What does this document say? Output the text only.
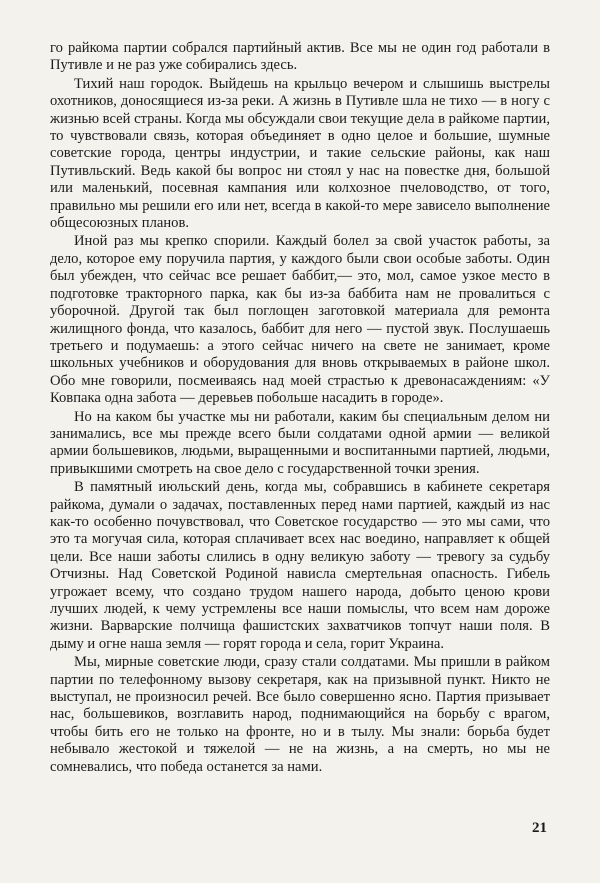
го райкома партии собрался партийный актив. Все мы не один год работали в Путивле и не раз уже собирались здесь.

Тихий наш городок. Выйдешь на крыльцо вечером и слышишь выстрелы охотников, доносящиеся из-за реки. А жизнь в Путивле шла не тихо — в ногу с жизнью всей страны. Когда мы обсуждали свои текущие дела в райкоме партии, то чувствовали связь, которая объединяет в одно целое и большие, шумные советские города, центры индустрии, и такие сельские районы, как наш Путивльский. Ведь какой бы вопрос ни стоял у нас на повестке дня, большой или маленький, посевная кампания или колхозное пчеловодство, от того, правильно мы решили его или нет, всегда в какой-то мере зависело выполнение общесоюзных планов.

Иной раз мы крепко спорили. Каждый болел за свой участок работы, за дело, которое ему поручила партия, у каждого были свои особые заботы. Один был убежден, что сейчас все решает баббит,— это, мол, самое узкое место в подготовке тракторного парка, как бы из-за баббита нам не провалиться с уборочной. Другой так был поглощен заготовкой материала для ремонта жилищного фонда, что казалось, баббит для него — пустой звук. Послушаешь третьего и подумаешь: а этого сейчас ничего на свете не занимает, кроме школьных учебников и оборудования для вновь открываемых в районе школ. Обо мне говорили, посмеиваясь над моей страстью к древонасаждениям: «У Ковпака одна забота — деревьев побольше насадить в городе».

Но на каком бы участке мы ни работали, каким бы специальным делом ни занимались, все мы прежде всего были солдатами одной армии — великой армии большевиков, людьми, выращенными и воспитанными партией, людьми, привыкшими смотреть на свое дело с государственной точки зрения.

В памятный июльский день, когда мы, собравшись в кабинете секретаря райкома, думали о задачах, поставленных перед нами партией, каждый из нас как-то особенно почувствовал, что Советское государство — это мы сами, что это та могучая сила, которая сплачивает всех нас воедино, направляет к общей цели. Все наши заботы слились в одну великую заботу — тревогу за судьбу Отчизны. Над Советской Родиной нависла смертельная опасность. Гибель угрожает всему, что создано трудом нашего народа, добыто ценою крови лучших людей, к чему устремлены все наши помыслы, что всем нам дороже жизни. Варварские полчища фашистских захватчиков топчут наши поля. В дыму и огне наша земля — горят города и села, горит Украина.

Мы, мирные советские люди, сразу стали солдатами. Мы пришли в райком партии по телефонному вызову секретаря, как на призывной пункт. Никто не выступал, не произносил речей. Все было совершенно ясно. Партия призывает нас, большевиков, возглавить народ, поднимающийся на борьбу с врагом, чтобы бить его не только на фронте, но и в тылу. Мы знали: борьба будет небывало жестокой и тяжелой — не на жизнь, а на смерть, но мы не сомневались, что победа останется за нами.

21
